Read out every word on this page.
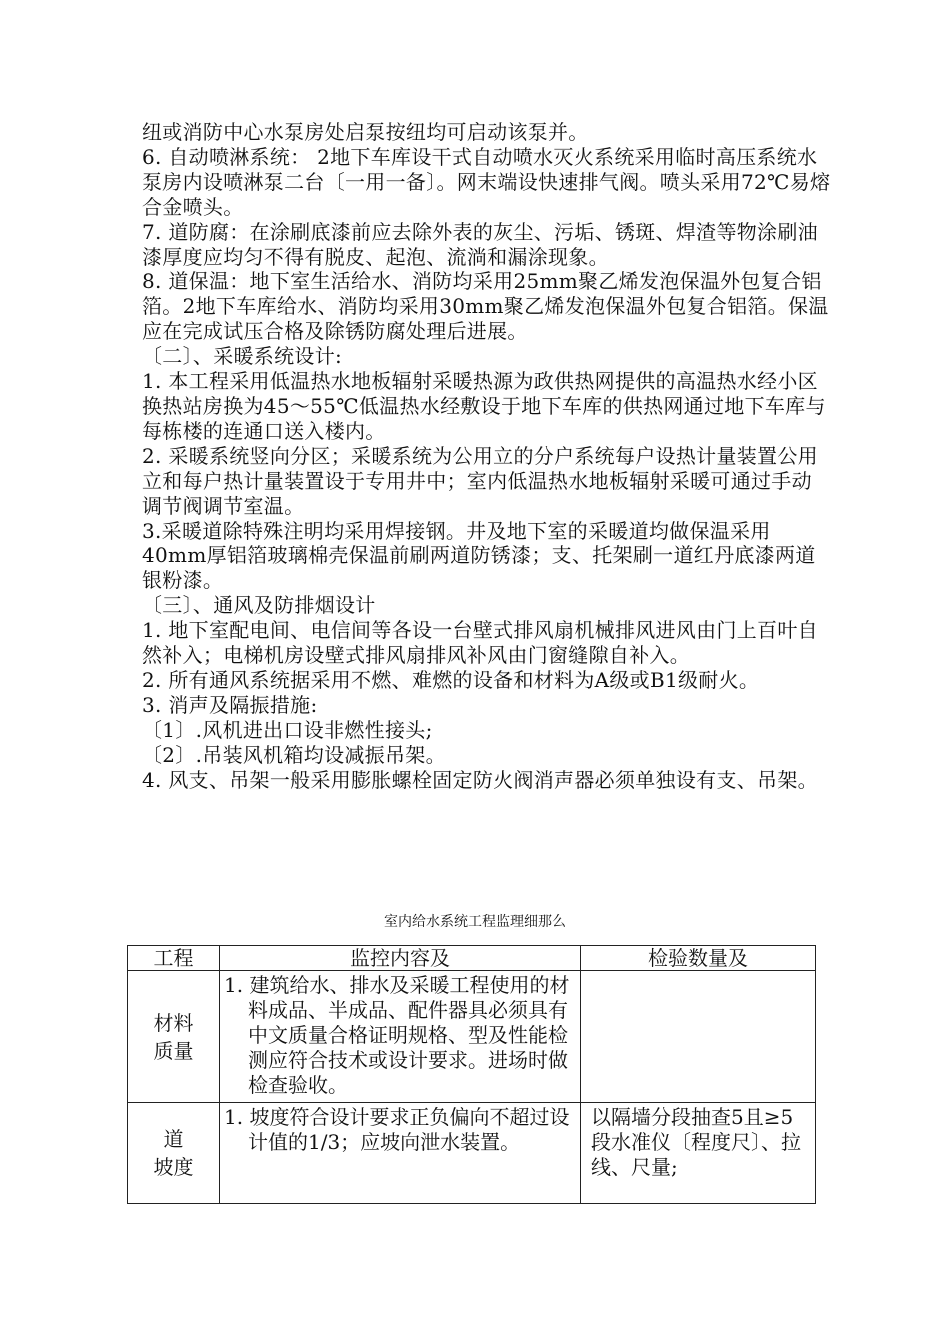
纽或消防中心水泵房处启泵按纽均可启动该泵并。

6. 自动喷淋系统： 2地下车库设干式自动喷水灭火系统采用临时高压系统水泵房内设喷淋泵二台〔一用一备〕。网末端设快速排气阀。喷头采用72℃易熔合金喷头。

7. 道防腐：在涂刷底漆前应去除外表的灰尘、污垢、锈斑、焊渣等物涂刷油漆厚度应均匀不得有脱皮、起泡、流淌和漏涂现象。

8. 道保温：地下室生活给水、消防均采用25mm聚乙烯发泡保温外包复合铝箔。2地下车库给水、消防均采用30mm聚乙烯发泡保温外包复合铝箔。保温应在完成试压合格及除锈防腐处理后进展。

〔二〕、采暖系统设计:

1. 本工程采用低温热水地板辐射采暖热源为政供热网提供的高温热水经小区换热站房换为45～55℃低温热水经敷设于地下车库的供热网通过地下车库与每栋楼的连通口送入楼内。

2. 采暖系统竖向分区；采暖系统为公用立的分户系统每户设热计量装置公用立和每户热计量装置设于专用井中；室内低温热水地板辐射采暖可通过手动调节阀调节室温。

3.采暖道除特殊注明均采用焊接钢。井及地下室的采暖道均做保温采用40mm厚铝箔玻璃棉壳保温前刷两道防锈漆；支、托架刷一道红丹底漆两道银粉漆。

〔三〕、通风及防排烟设计

1. 地下室配电间、电信间等各设一台壁式排风扇机械排风进风由门上百叶自然补入；电梯机房设壁式排风扇排风补风由门窗缝隙自补入。

2. 所有通风系统据采用不燃、难燃的设备和材料为A级或B1级耐火。

3. 消声及隔振措施:

〔1〕.风机进出口设非燃性接头;

〔2〕.吊装风机箱均设减振吊架。

4. 风支、吊架一般采用膨胀螺栓固定防火阀消声器必须单独设有支、吊架。

室内给水系统工程监理细那么
工程	监控内容及	检验数量及

材料
质量	1. 建筑给水、排水及采暖工程使用的材料成品、半成品、配件器具必须具有中文质量合格证明规格、型及性能检测应符合技术或设计要求。进场时做检查验收。	

道
坡度	1. 坡度符合设计要求正负偏向不超过设计值的1/3；应坡向泄水装置。	以隔墙分段抽查5且≥5段水准仪〔程度尺〕、拉线、尺量;
